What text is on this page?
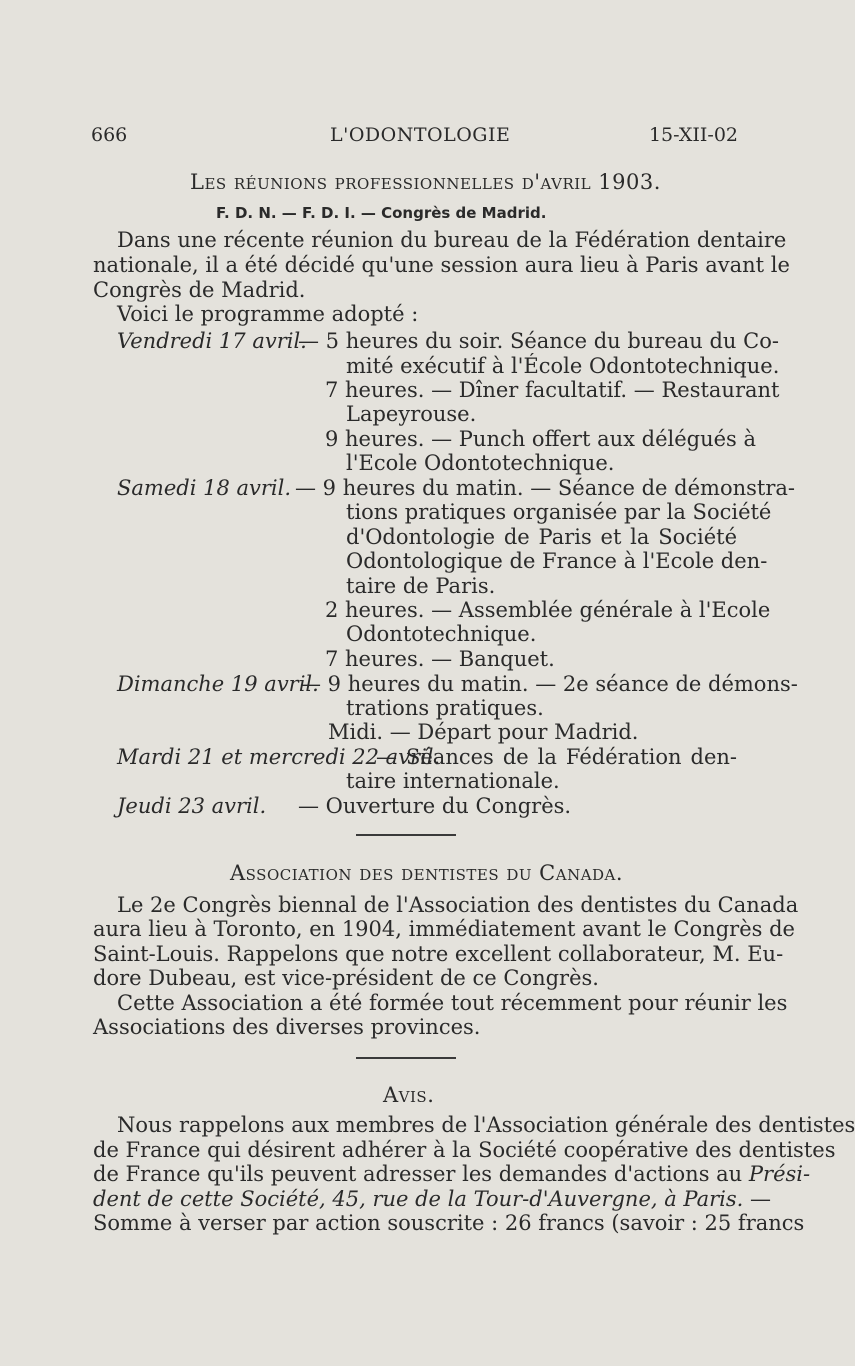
666	L'ODONTOLOGIE	15-XII-02
Les réunions professionnelles d'avril 1903.
F. D. N. — F. D. I. — Congrès de Madrid.
Dans une récente réunion du bureau de la Fédération dentaire
nationale, il a été décidé qu'une session aura lieu à Paris avant le
Congrès de Madrid.
Voici le programme adopté :
Vendredi 17 avril.
— 5 heures du soir. Séance du bureau du Co-
mité exécutif à l'École Odontotechnique.
7 heures. — Dîner facultatif. — Restaurant
Lapeyrouse.
9 heures. — Punch offert aux délégués à
l'Ecole Odontotechnique.
Samedi 18 avril. — 9 heures du matin. — Séance de démonstra-
tions pratiques organisée par la Société
d'Odontologie de Paris et la Société
Odontologique de France à l'Ecole den-
taire de Paris.
2 heures. — Assemblée générale à l'Ecole
Odontotechnique.
7 heures. — Banquet.
Dimanche 19 avril.
— 9 heures du matin. — 2e séance de démons-
trations pratiques.
Midi. — Départ pour Madrid.
Mardi 21 et mercredi 22 avril.
— Séances de la Fédération den-
taire internationale.
Jeudi 23 avril. — Ouverture du Congrès.
Association des dentistes du Canada.
Le 2e Congrès biennal de l'Association des dentistes du Canada
aura lieu à Toronto, en 1904, immédiatement avant le Congrès de
Saint-Louis. Rappelons que notre excellent collaborateur, M. Eu-
dore Dubeau, est vice-président de ce Congrès.
Cette Association a été formée tout récemment pour réunir les
Associations des diverses provinces.
Avis.
Nous rappelons aux membres de l'Association générale des dentistes
de France qui désirent adhérer à la Société coopérative des dentistes
de France qu'ils peuvent adresser les demandes d'actions au Prési-
dent de cette Société, 45, rue de la Tour-d'Auvergne, à Paris. —
Somme à verser par action souscrite : 26 francs (savoir : 25 francs
